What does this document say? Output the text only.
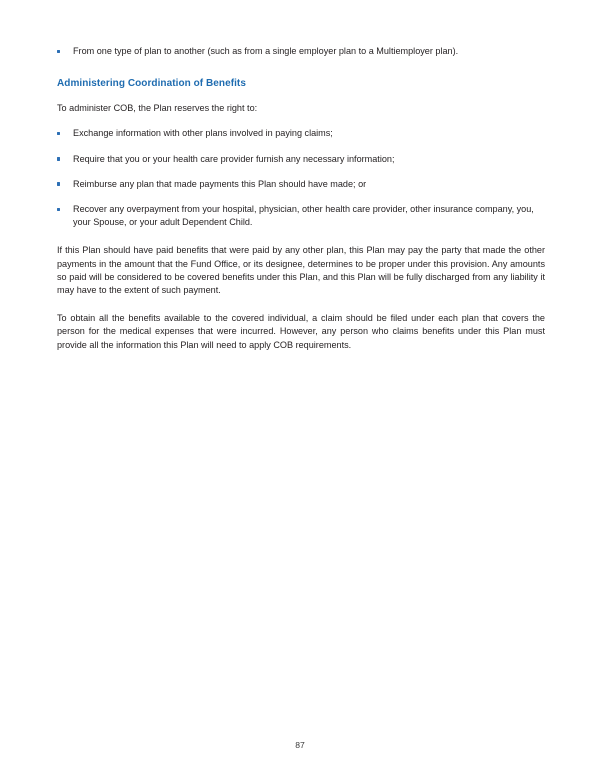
From one type of plan to another (such as from a single employer plan to a Multiemployer plan).
Administering Coordination of Benefits

To administer COB, the Plan reserves the right to:

Exchange information with other plans involved in paying claims;
Require that you or your health care provider furnish any necessary information;
Reimburse any plan that made payments this Plan should have made; or
Recover any overpayment from your hospital, physician, other health care provider, other insurance company, you, your Spouse, or your adult Dependent Child.

If this Plan should have paid benefits that were paid by any other plan, this Plan may pay the party that made the other payments in the amount that the Fund Office, or its designee, determines to be proper under this provision. Any amounts so paid will be considered to be covered benefits under this Plan, and this Plan will be fully discharged from any liability it may have to the extent of such payment.

To obtain all the benefits available to the covered individual, a claim should be filed under each plan that covers the person for the medical expenses that were incurred. However, any person who claims benefits under this Plan must provide all the information this Plan will need to apply COB requirements.

87
